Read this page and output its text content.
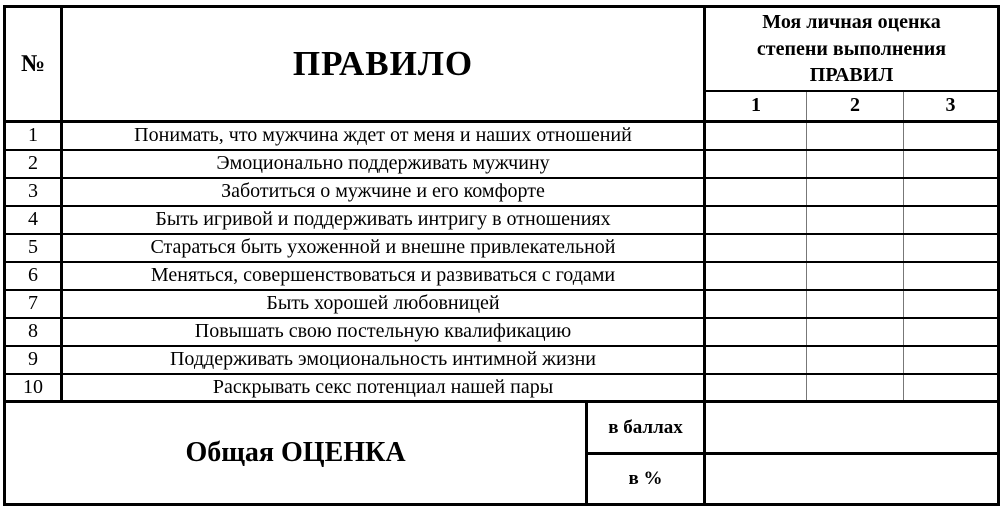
№	ПРАВИЛО		Моя личная оценка степени выполнения ПРАВИЛ		
			1	2	3
1	Понимать, что мужчина ждет от меня и наших отношений				
2	Эмоционально поддерживать мужчину				
3	Заботиться о мужчине и его комфорте				
4	Быть игривой и поддерживать интригу в отношениях				
5	Стараться быть ухоженной и внешне привлекательной				
6	Меняться, совершенствоваться и развиваться с годами				
7	Быть хорошей любовницей				
8	Повышать свою постельную квалификацию				
9	Поддерживать эмоциональность интимной жизни				
10	Раскрывать секс потенциал нашей пары				
Общая ОЦЕНКА		в баллах			
		в %			
